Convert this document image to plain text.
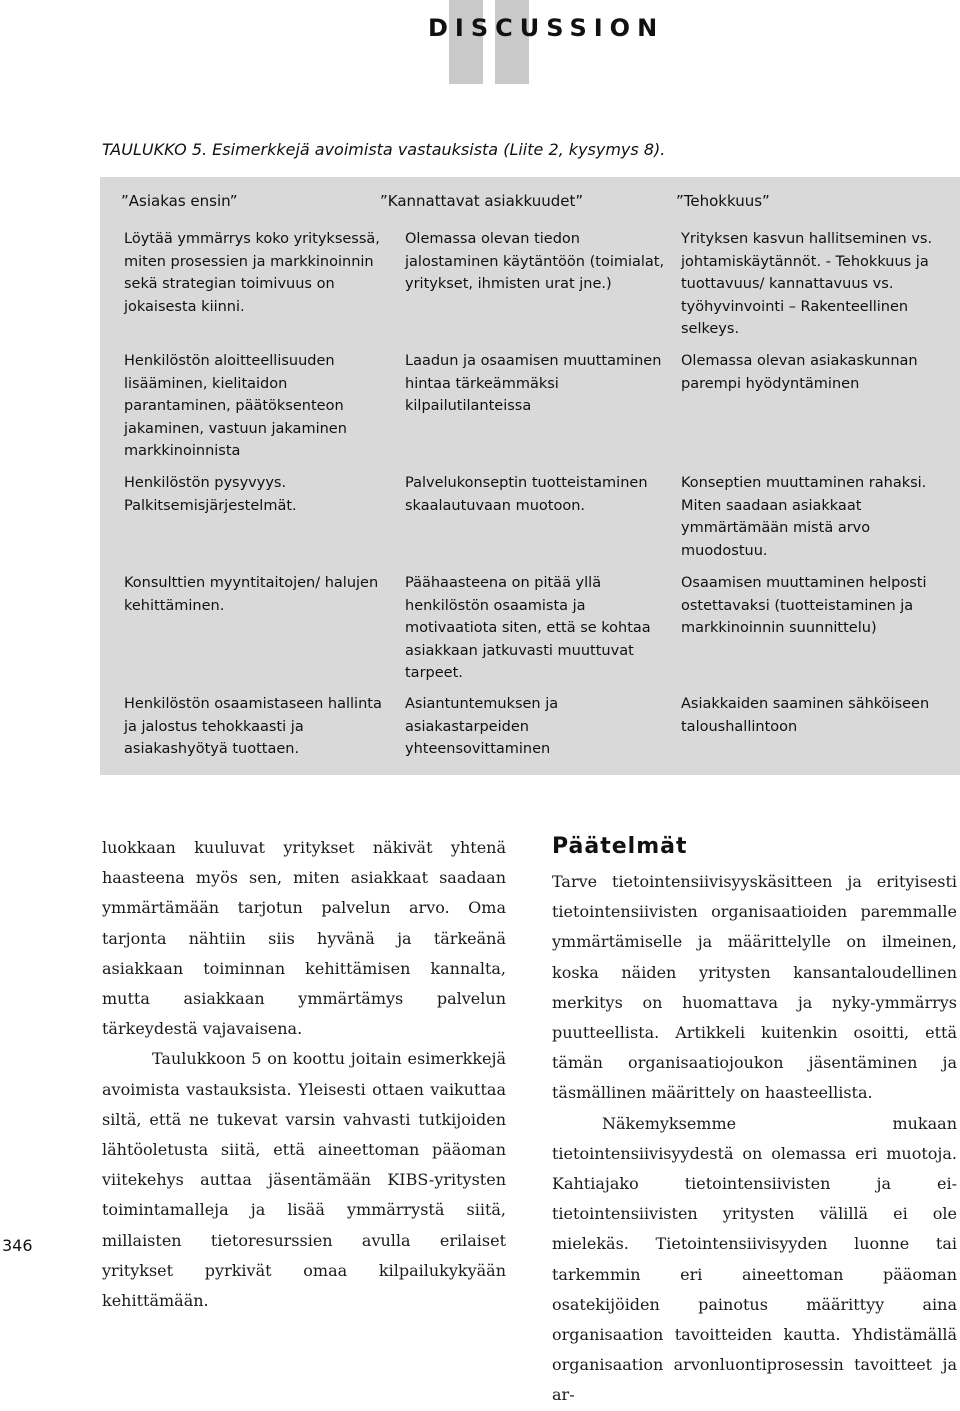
DISCUSSION

TAULUKKO 5. Esimerkkejä avoimista vastauksista (Liite 2, kysymys 8).

”Asiakas ensin”	”Kannattavat asiakkuudet”	”Tehokkuus”

Löytää ymmärrys koko yrityksessä, miten prosessien ja markkinoinnin sekä strategian toimivuus on jokaisesta kiinni.

Olemassa olevan tiedon jalostaminen käytäntöön (toimialat, yritykset, ihmisten urat jne.)

Yrityksen kasvun hallitseminen vs. johtamiskäytännöt. - Tehokkuus ja tuottavuus/ kannattavuus vs. työhyvinvointi – Rakenteellinen selkeys.

Henkilöstön aloitteellisuuden lisääminen, kielitaidon parantaminen, päätöksenteon jakaminen, vastuun jakaminen markkinoinnista

Laadun ja osaamisen muuttaminen hintaa tärkeämmäksi kilpailutilanteissa

Olemassa olevan asiakaskunnan parempi hyödyntäminen

Henkilöstön pysyvyys. Palkitsemisjärjestelmät.

Palvelukonseptin tuotteistaminen skaalautuvaan muotoon.

Konseptien muuttaminen rahaksi. Miten saadaan asiakkaat ymmärtämään mistä arvo muodostuu.

Konsulttien myyntitaitojen/ halujen kehittäminen.

Päähaasteena on pitää yllä henkilöstön osaamista ja motivaatiota siten, että se kohtaa asiakkaan jatkuvasti muuttuvat tarpeet.

Osaamisen muuttaminen helposti ostettavaksi (tuotteistaminen ja markkinoinnin suunnittelu)

Henkilöstön osaamistaseen hallinta ja jalostus tehokkaasti ja asiakashyötyä tuottaen.

Asiantuntemuksen ja asiakastarpeiden yhteensovittaminen

Asiakkaiden saaminen sähköiseen taloushallintoon

luokkaan kuuluvat yritykset näkivät yhtenä haasteena myös sen, miten asiakkaat saadaan ymmärtämään tarjotun palvelun arvo. Oma tarjonta nähtiin siis hyvänä ja tärkeänä asiakkaan toiminnan kehittämisen kannalta, mutta asiakkaan ymmärtämys palvelun tärkeydestä vajavaisena.

Taulukkoon 5 on koottu joitain esimerkkejä avoimista vastauksista. Yleisesti ottaen vaikuttaa siltä, että ne tukevat varsin vahvasti tutkijoiden lähtöoletusta siitä, että aineettoman pääoman viitekehys auttaa jäsentämään KIBS-yritysten toimintamalleja ja lisää ymmärrystä siitä, millaisten tietoresurssien avulla erilaiset yritykset pyrkivät omaa kilpailukykyään kehittämään.

Päätelmät

Tarve tietointensiivisyyskäsitteen ja erityisesti tietointensiivisten organisaatioiden paremmalle ymmärtämiselle ja määrittelylle on ilmeinen, koska näiden yritysten kansantaloudellinen merkitys on huomattava ja nyky-ymmärrys puutteellista. Artikkeli kuitenkin osoitti, että tämän organisaatiojoukon jäsentäminen ja täsmällinen määrittely on haasteellista.

Näkemyksemme mukaan tietointensiivisyydestä on olemassa eri muotoja. Kahtiajako tietointensiivisten ja ei-tietointensiivisten yritysten välillä ei ole mielekäs. Tietointensiivisyyden luonne tai tarkemmin eri aineettoman pääoman osatekijöiden painotus määrittyy aina organisaation tavoitteiden kautta. Yhdistämällä organisaation arvonluontiprosessin tavoitteet ja ar-

346
